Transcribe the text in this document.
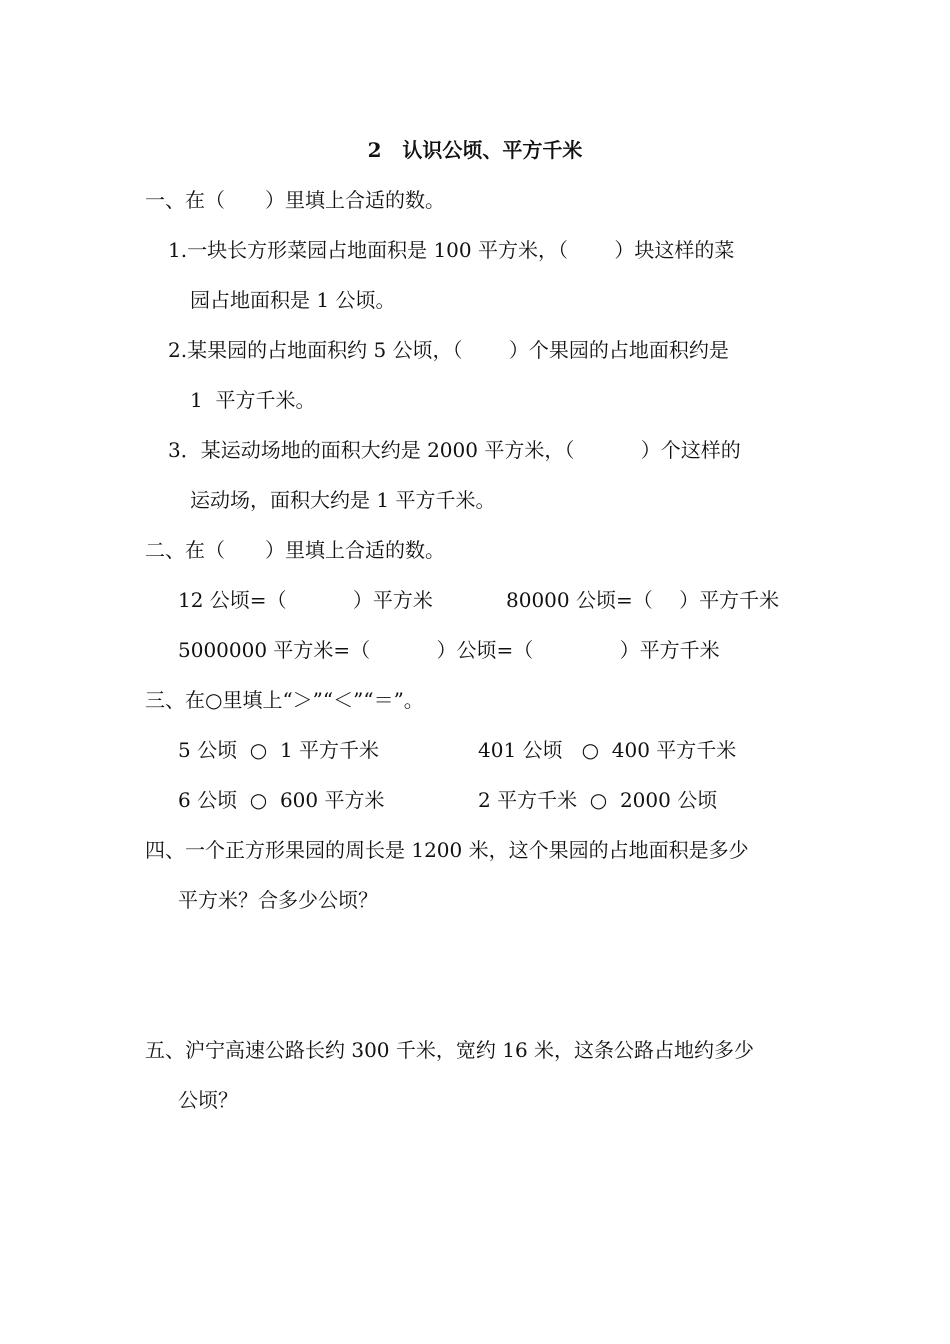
2   认识公顷、平方千米
一、在（　　）里填上合适的数。
1.一块长方形菜园占地面积是 100 平方米，（　　 ）块这样的菜
园占地面积是 1 公顷。
2.某果园的占地面积约 5 公顷，（　　 ）个果园的占地面积约是
1  平方千米。
3．某运动场地的面积大约是 2000 平方米，（　　　 ）个这样的
运动场，面积大约是 1 平方千米。
二、在（　　）里填上合适的数。
12 公顷=（　　　 ）平方米	80000 公顷=（　 ）平方千米
5000000 平方米=（　　　 ）公顷=（　　　　 ）平方千米
三、在○里填上“＞”“＜”“＝”。
5 公顷  ○  1 平方千米	401 公顷   ○  400 平方千米
6 公顷  ○  600 平方米	2 平方千米  ○  2000 公顷
四、一个正方形果园的周长是 1200 米，这个果园的占地面积是多少
平方米？合多少公顷？
五、沪宁高速公路长约 300 千米，宽约 16 米，这条公路占地约多少
公顷？
